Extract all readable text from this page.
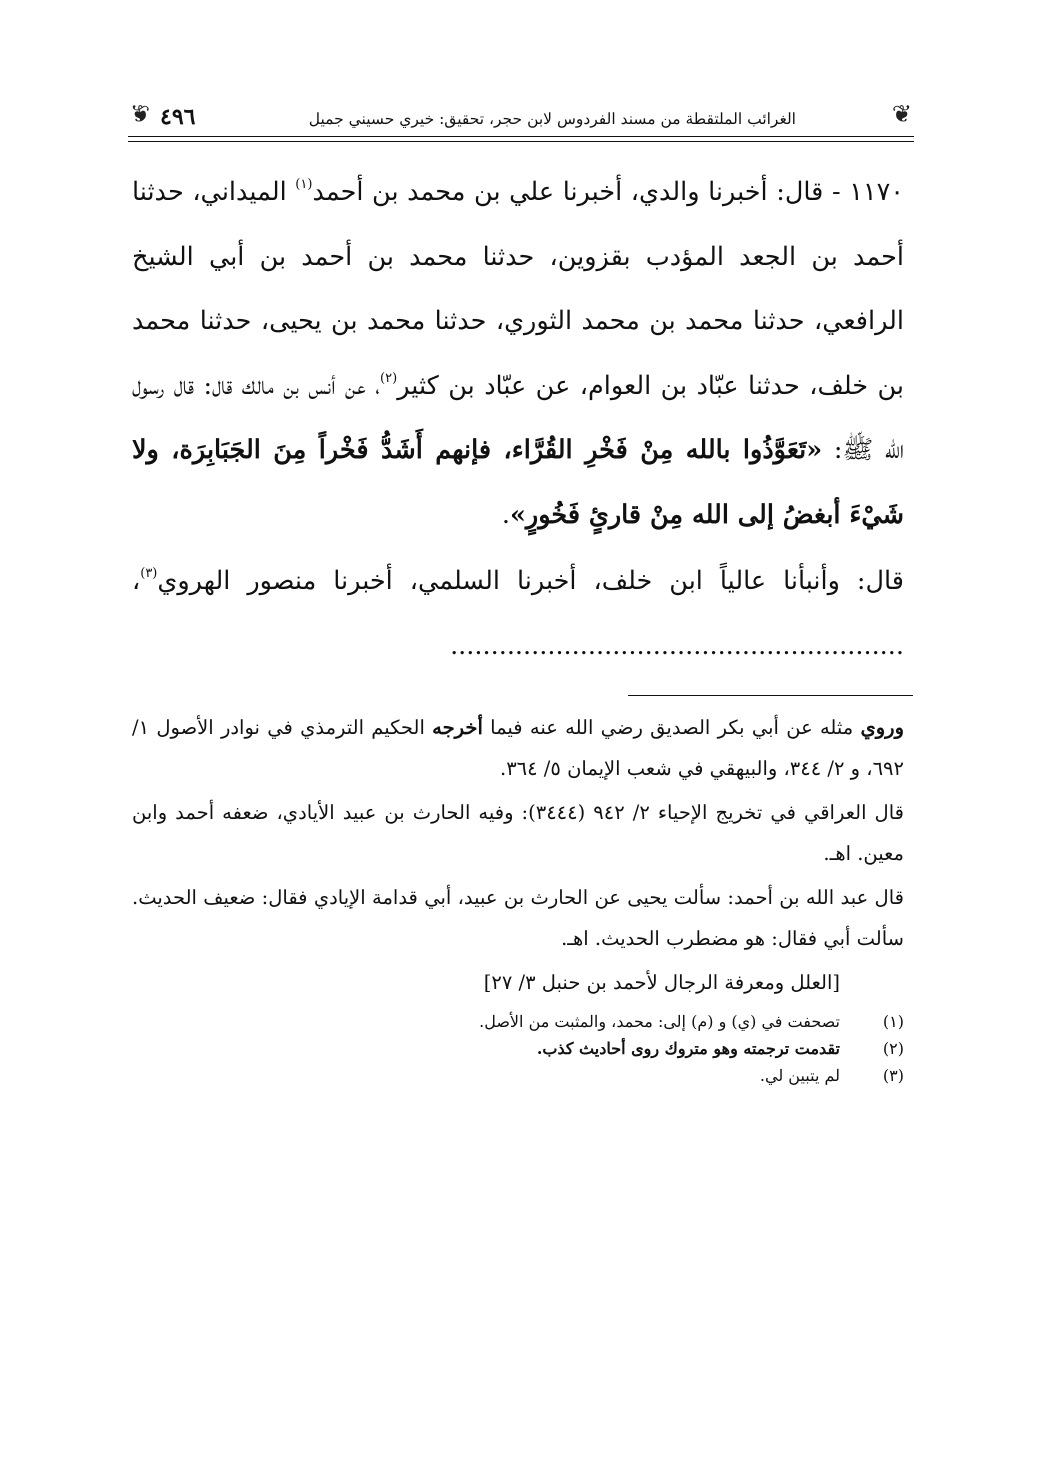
❦
الغرائب الملتقطة من مسند الفردوس لابن حجر، تحقيق: خيري حسيني جميل
٤٩٦
❦

١١٧٠ - قال: أخبرنا والدي، أخبرنا علي بن محمد بن أحمد$^{(١)}$ الميداني، حدثنا أحمد بن الجعد المؤدب بقزوين، حدثنا محمد بن أحمد بن أبي الشيخ الرافعي، حدثنا محمد بن محمد الثوري، حدثنا محمد بن يحيى، حدثنا محمد بن خلف، حدثنا عبّاد بن العوام، عن عبّاد بن كثير$^{(٢)}$، عن أنس بن مالك قال: قال رسول الله ﷺ: «تَعَوَّذُوا بالله مِنْ فَخْرِ القُرَّاء، فإنهم أَشَدُّ فَخْراً مِنَ الجَبَابِرَة، ولا شَيْءَ أبغضُ إلى الله مِنْ قارئٍ فَخُورٍ».

قال: وأنبأنا عالياً ابن خلف، أخبرنا السلمي، أخبرنا منصور الهروي$^{(٣)}$، ........................................................

وروي مثله عن أبي بكر الصديق رضي الله عنه فيما أخرجه الحكيم الترمذي في نوادر الأصول ١/ ٦٩٢، و ٢/ ٣٤٤، والبيهقي في شعب الإيمان ٥/ ٣٦٤.

قال العراقي في تخريج الإحياء ٢/ ٩٤٢ (٣٤٤٤): وفيه الحارث بن عبيد الأيادي، ضعفه أحمد وابن معين. اهـ.

قال عبد الله بن أحمد: سألت يحيى عن الحارث بن عبيد، أبي قدامة الإيادي فقال: ضعيف الحديث. سألت أبي فقال: هو مضطرب الحديث. اهـ.

[العلل ومعرفة الرجال لأحمد بن حنبل ٣/ ٢٧]

(١)
تصحفت في (ي) و (م) إلى: محمد، والمثبت من الأصل.
(٢)
تقدمت ترجمته وهو متروك روى أحاديث كذب.
(٣)
لم يتبين لي.
